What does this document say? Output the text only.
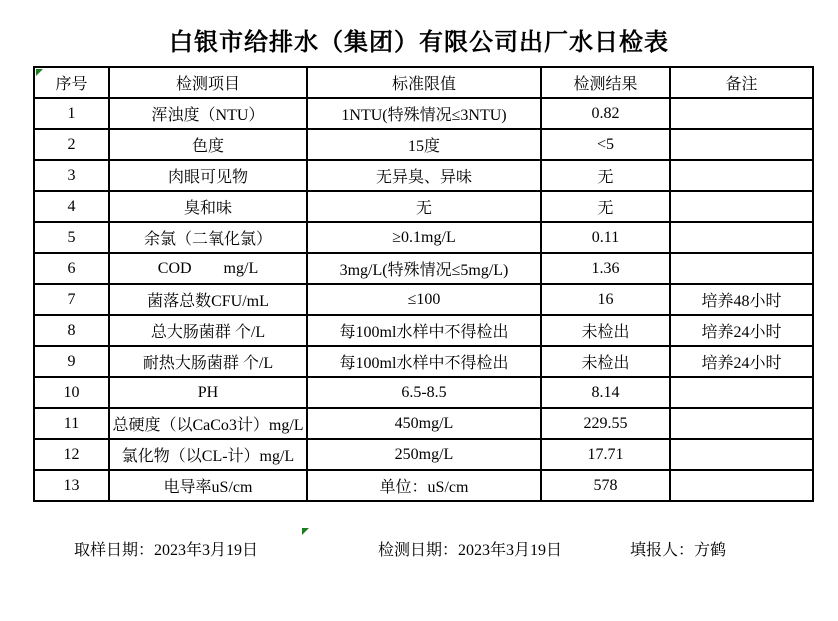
白银市给排水（集团）有限公司出厂水日检表
序号	检测项目	标准限值	检测结果	备注
1	浑浊度（NTU）	1NTU(特殊情况≤3NTU)	0.82	
2	色度	15度	<5	
3	肉眼可见物	无异臭、异味	无	
4	臭和味	无	无	
5	余氯（二氧化氯）	≥0.1mg/L	0.11	
6	COD        mg/L	3mg/L(特殊情况≤5mg/L)	1.36	
7	菌落总数CFU/mL	≤100	16	培养48小时
8	总大肠菌群 个/L	每100ml水样中不得检出	未检出	培养24小时
9	耐热大肠菌群 个/L	每100ml水样中不得检出	未检出	培养24小时
10	PH	6.5-8.5	8.14	
11	总硬度（以CaCo3计）mg/L	450mg/L	229.55	
12	氯化物（以CL-计）mg/L	250mg/L	17.71	
13	电导率uS/cm	单位：uS/cm	578	

取样日期：2023年3月19日

	检测日期：2023年3月19日

	填报人：方鹤
